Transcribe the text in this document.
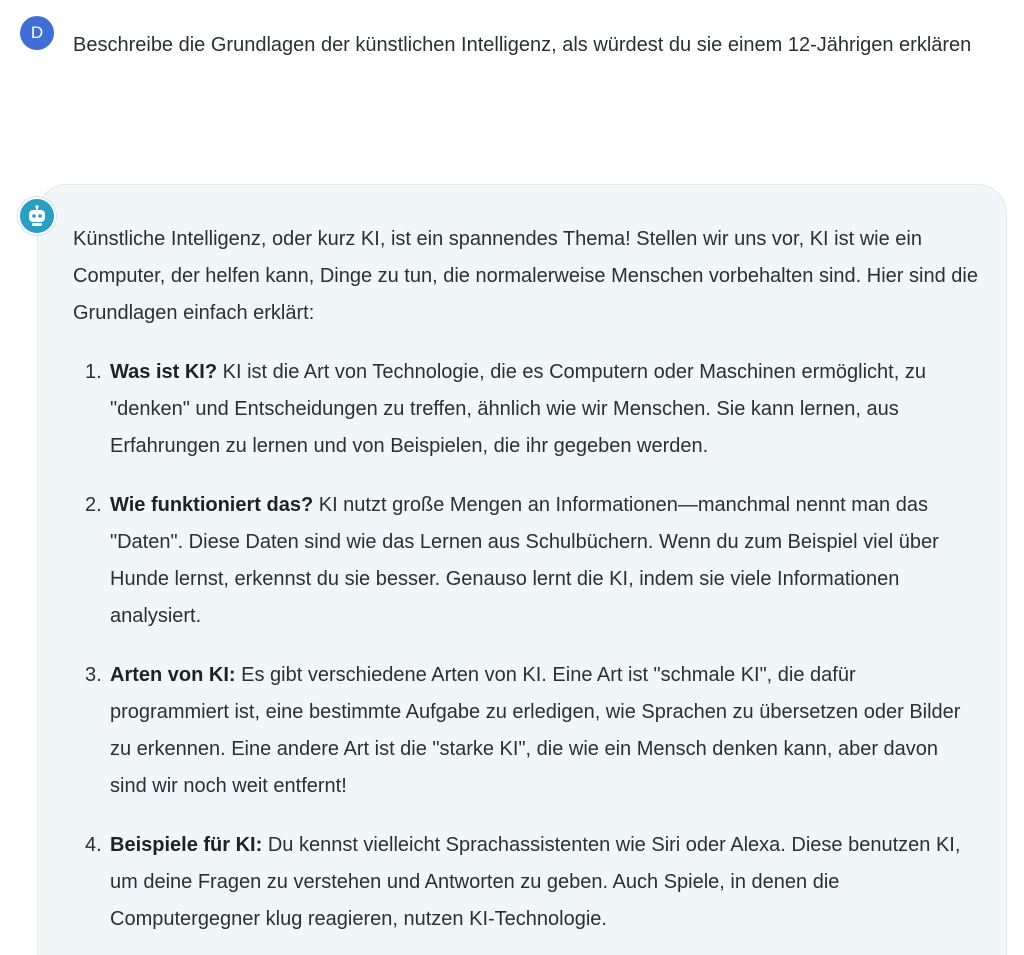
D

Beschreibe die Grundlagen der künstlichen Intelligenz, als würdest du sie einem 12-Jährigen erklären

Künstliche Intelligenz, oder kurz KI, ist ein spannendes Thema! Stellen wir uns vor, KI ist wie ein Computer, der helfen kann, Dinge zu tun, die normalerweise Menschen vorbehalten sind. Hier sind die Grundlagen einfach erklärt:

1. Was ist KI? KI ist die Art von Technologie, die es Computern oder Maschinen ermöglicht, zu "denken" und Entscheidungen zu treffen, ähnlich wie wir Menschen. Sie kann lernen, aus Erfahrungen zu lernen und von Beispielen, die ihr gegeben werden.
2. Wie funktioniert das? KI nutzt große Mengen an Informationen—manchmal nennt man das "Daten". Diese Daten sind wie das Lernen aus Schulbüchern. Wenn du zum Beispiel viel über Hunde lernst, erkennst du sie besser. Genauso lernt die KI, indem sie viele Informationen analysiert.
3. Arten von KI: Es gibt verschiedene Arten von KI. Eine Art ist "schmale KI", die dafür programmiert ist, eine bestimmte Aufgabe zu erledigen, wie Sprachen zu übersetzen oder Bilder zu erkennen. Eine andere Art ist die "starke KI", die wie ein Mensch denken kann, aber davon sind wir noch weit entfernt!
4. Beispiele für KI: Du kennst vielleicht Sprachassistenten wie Siri oder Alexa. Diese benutzen KI, um deine Fragen zu verstehen und Antworten zu geben. Auch Spiele, in denen die Computergegner klug reagieren, nutzen KI-Technologie.
